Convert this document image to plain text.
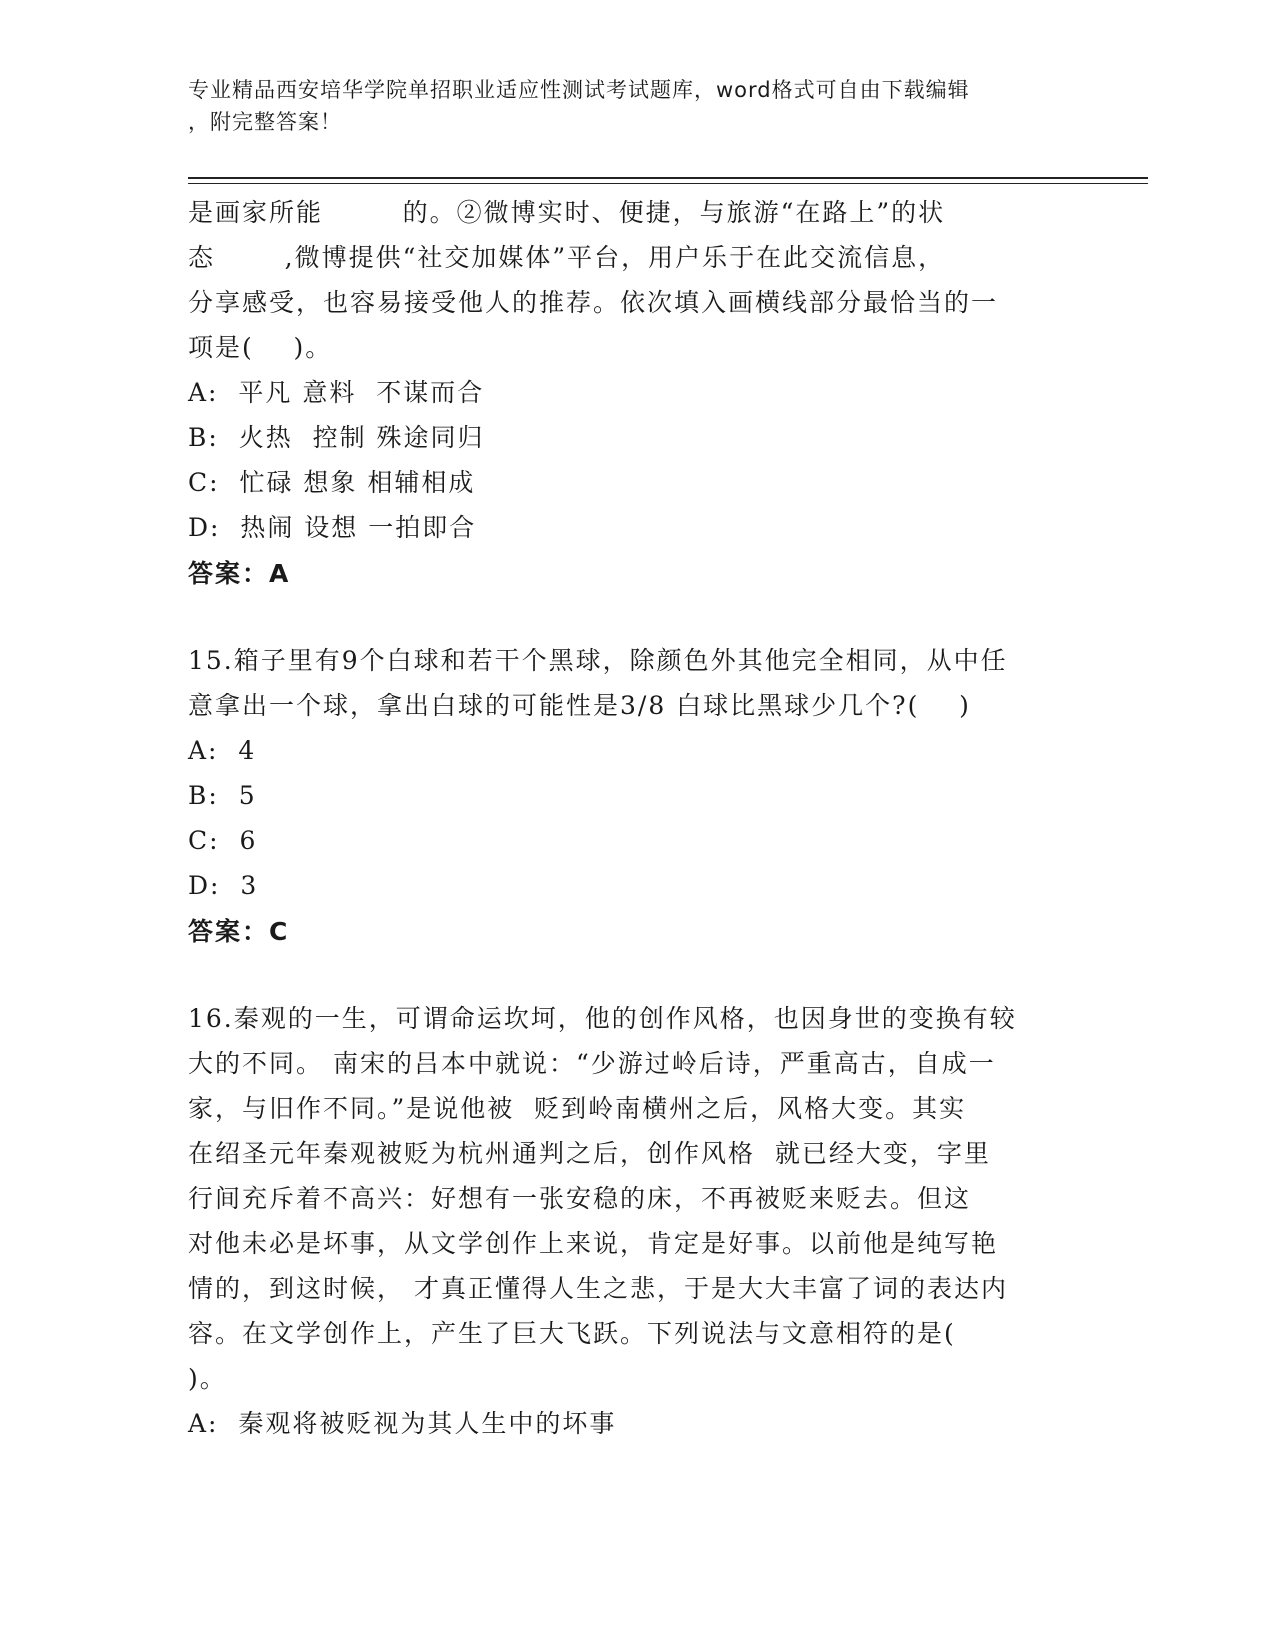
专业精品西安培华学院单招职业适应性测试考试题库，word格式可自由下载编辑
，附完整答案！
是画家所能        的。②微博实时、便捷，与旅游“在路上”的状
态       ,微博提供“社交加媒体”平台，用户乐于在此交流信息，
分享感受，也容易接受他人的推荐。依次填入画横线部分最恰当的一
项是(    )。
A:  平凡 意料  不谋而合
B:  火热  控制 殊途同归
C:  忙碌 想象 相辅相成
D:  热闹 设想 一拍即合
答案：A
15.箱子里有9个白球和若干个黑球，除颜色外其他完全相同，从中任
意拿出一个球，拿出白球的可能性是3/8 白球比黑球少几个?(    )
A:  4
B:  5
C:  6
D:  3
答案：C
16.秦观的一生，可谓命运坎坷，他的创作风格，也因身世的变换有较
大的不同。 南宋的吕本中就说：“少游过岭后诗，严重高古，自成一
家，与旧作不同。”是说他被  贬到岭南横州之后，风格大变。其实
在绍圣元年秦观被贬为杭州通判之后，创作风格  就已经大变，字里
行间充斥着不高兴：好想有一张安稳的床，不再被贬来贬去。但这
对他未必是坏事，从文学创作上来说，肯定是好事。以前他是纯写艳
情的，到这时候， 才真正懂得人生之悲，于是大大丰富了词的表达内
容。在文学创作上，产生了巨大飞跃。下列说法与文意相符的是(
)。
A:  秦观将被贬视为其人生中的坏事
